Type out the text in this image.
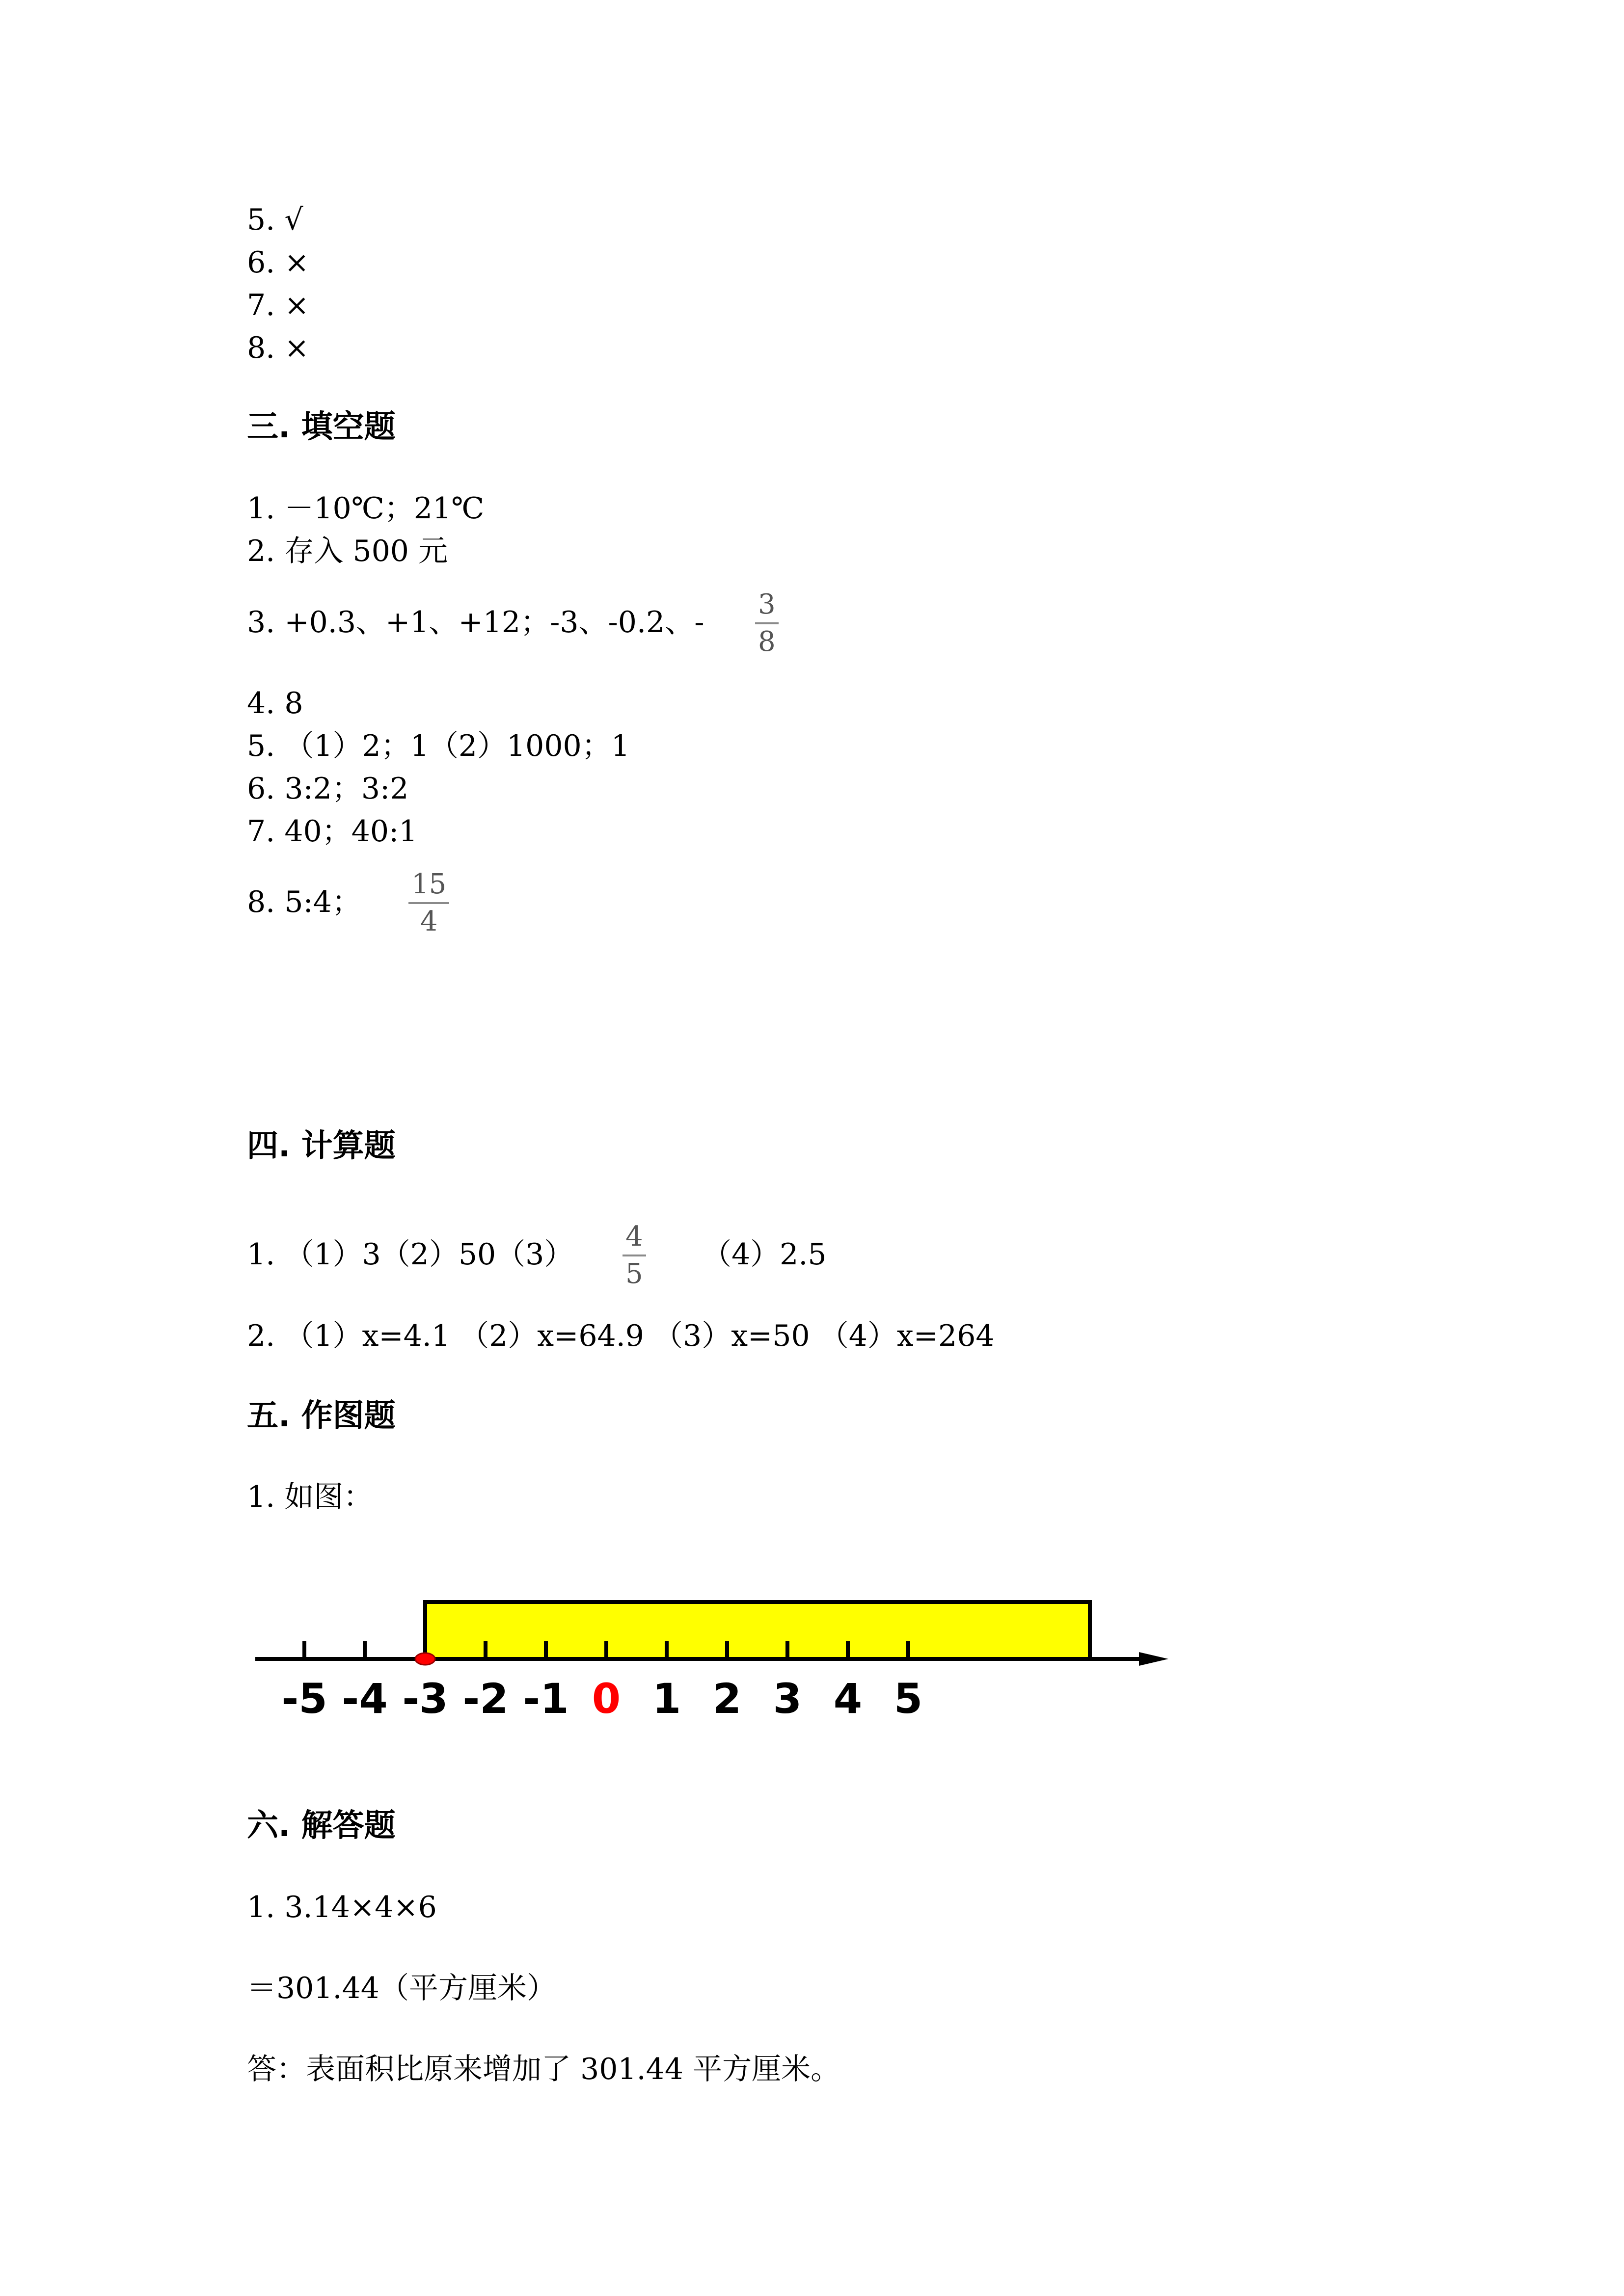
5. √
6. ×
7. ×
8. ×
三. 填空题
1. －10℃；21℃
2. 存入 500 元
3. +0.3、+1、+12；-3、-0.2、-
3
8
4. 8
5. （1）2；1（2）1000；1
6. 3:2；3:2
7. 40；40:1
8. 5:4；
15
4
四. 计算题
1. （1）3（2）50（3）
4
5
（4）2.5
2. （1）x=4.1 （2）x=64.9 （3）x=50 （4）x=264
五. 作图题
1. 如图：
-5 -4 -3 -2 -1 0 1 2 3 4 5
六. 解答题
1. 3.14×4×6
＝301.44（平方厘米）
答：表面积比原来增加了 301.44 平方厘米。
